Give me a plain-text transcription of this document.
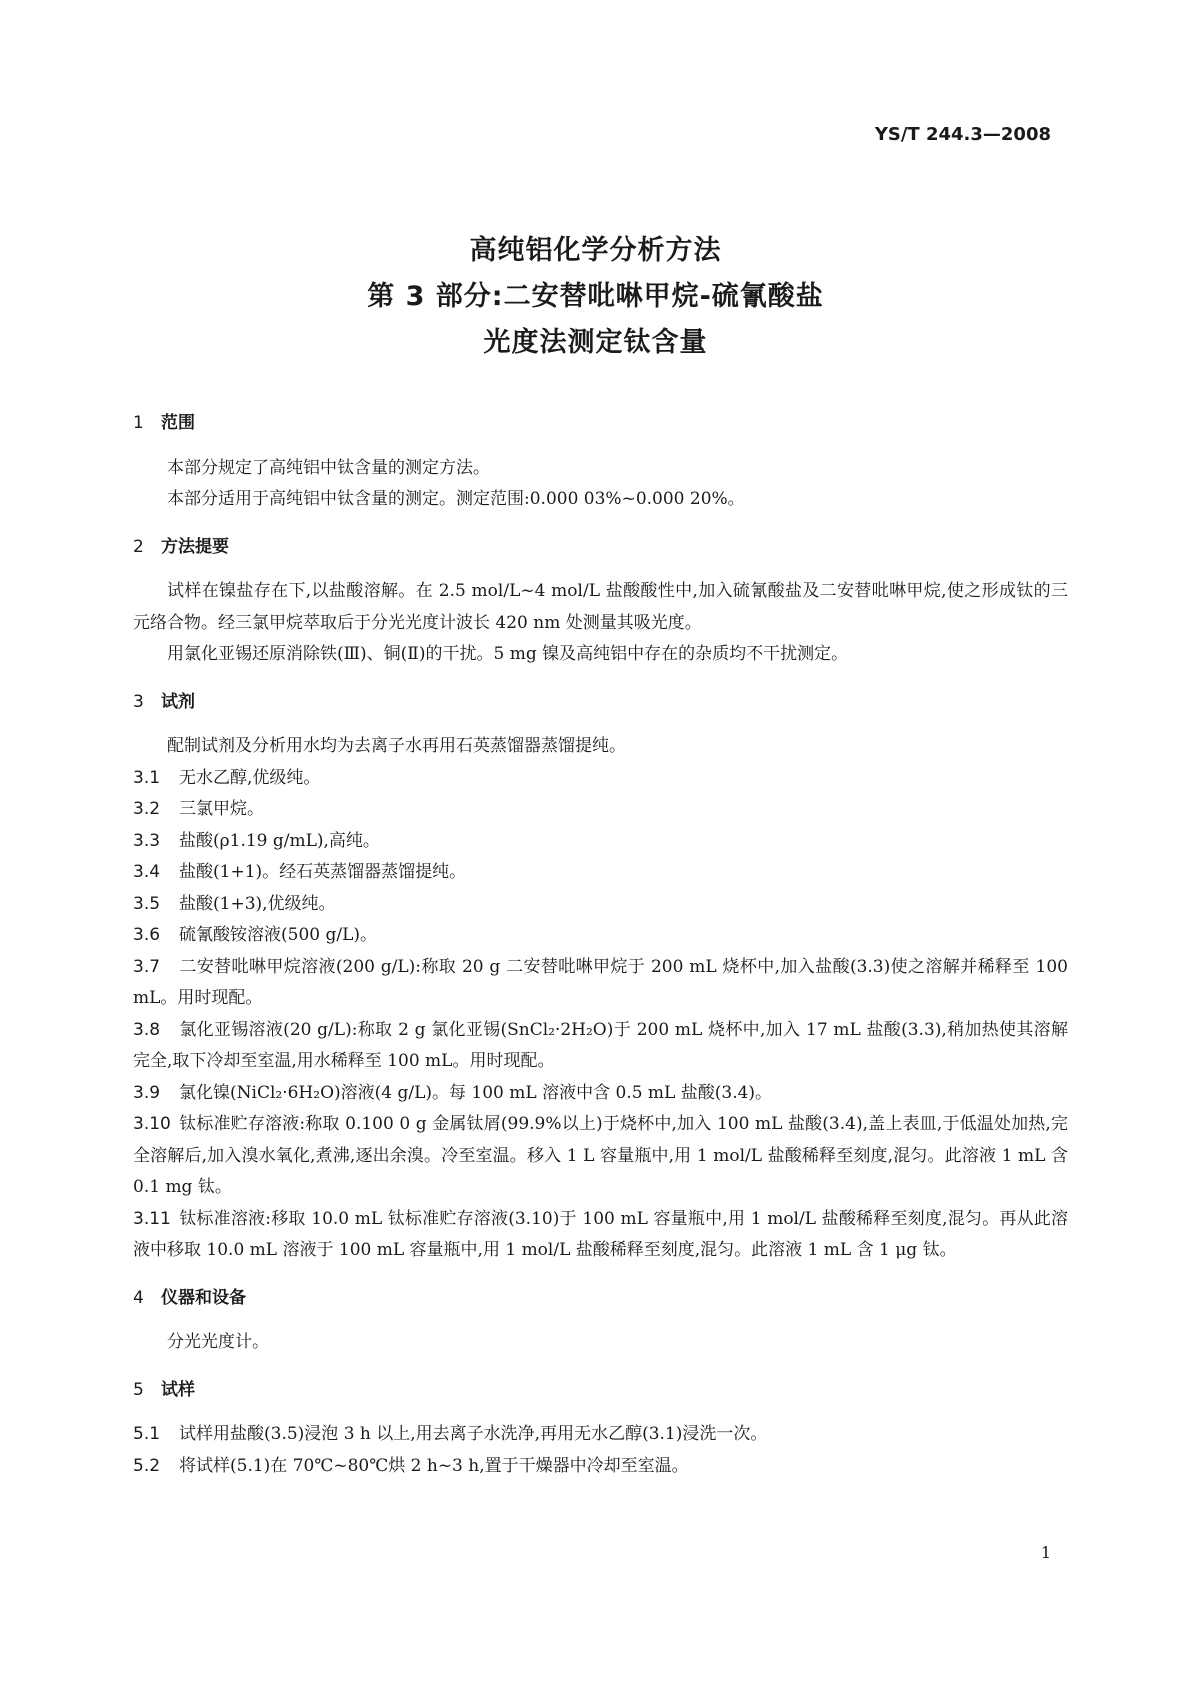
YS/T 244.3—2008
高纯铝化学分析方法
第 3 部分:二安替吡啉甲烷-硫氰酸盐
光度法测定钛含量
1 范围

本部分规定了高纯铝中钛含量的测定方法。

本部分适用于高纯铝中钛含量的测定。测定范围:0.000 03%~0.000 20%。

2 方法提要

试样在镍盐存在下,以盐酸溶解。在 2.5 mol/L~4 mol/L 盐酸酸性中,加入硫氰酸盐及二安替吡啉甲烷,使之形成钛的三元络合物。经三氯甲烷萃取后于分光光度计波长 420 nm 处测量其吸光度。

用氯化亚锡还原消除铁(Ⅲ)、铜(Ⅱ)的干扰。5 mg 镍及高纯铝中存在的杂质均不干扰测定。

3 试剂

配制试剂及分析用水均为去离子水再用石英蒸馏器蒸馏提纯。

3.1 无水乙醇,优级纯。

3.2 三氯甲烷。

3.3 盐酸(ρ1.19 g/mL),高纯。

3.4 盐酸(1+1)。经石英蒸馏器蒸馏提纯。

3.5 盐酸(1+3),优级纯。

3.6 硫氰酸铵溶液(500 g/L)。

3.7 二安替吡啉甲烷溶液(200 g/L):称取 20 g 二安替吡啉甲烷于 200 mL 烧杯中,加入盐酸(3.3)使之溶解并稀释至 100 mL。用时现配。

3.8 氯化亚锡溶液(20 g/L):称取 2 g 氯化亚锡(SnCl₂·2H₂O)于 200 mL 烧杯中,加入 17 mL 盐酸(3.3),稍加热使其溶解完全,取下冷却至室温,用水稀释至 100 mL。用时现配。

3.9 氯化镍(NiCl₂·6H₂O)溶液(4 g/L)。每 100 mL 溶液中含 0.5 mL 盐酸(3.4)。

3.10 钛标准贮存溶液:称取 0.100 0 g 金属钛屑(99.9%以上)于烧杯中,加入 100 mL 盐酸(3.4),盖上表皿,于低温处加热,完全溶解后,加入溴水氧化,煮沸,逐出余溴。冷至室温。移入 1 L 容量瓶中,用 1 mol/L 盐酸稀释至刻度,混匀。此溶液 1 mL 含 0.1 mg 钛。

3.11 钛标准溶液:移取 10.0 mL 钛标准贮存溶液(3.10)于 100 mL 容量瓶中,用 1 mol/L 盐酸稀释至刻度,混匀。再从此溶液中移取 10.0 mL 溶液于 100 mL 容量瓶中,用 1 mol/L 盐酸稀释至刻度,混匀。此溶液 1 mL 含 1 μg 钛。

4 仪器和设备

分光光度计。

5 试样

5.1 试样用盐酸(3.5)浸泡 3 h 以上,用去离子水洗净,再用无水乙醇(3.1)浸洗一次。

5.2 将试样(5.1)在 70℃~80℃烘 2 h~3 h,置于干燥器中冷却至室温。

1
